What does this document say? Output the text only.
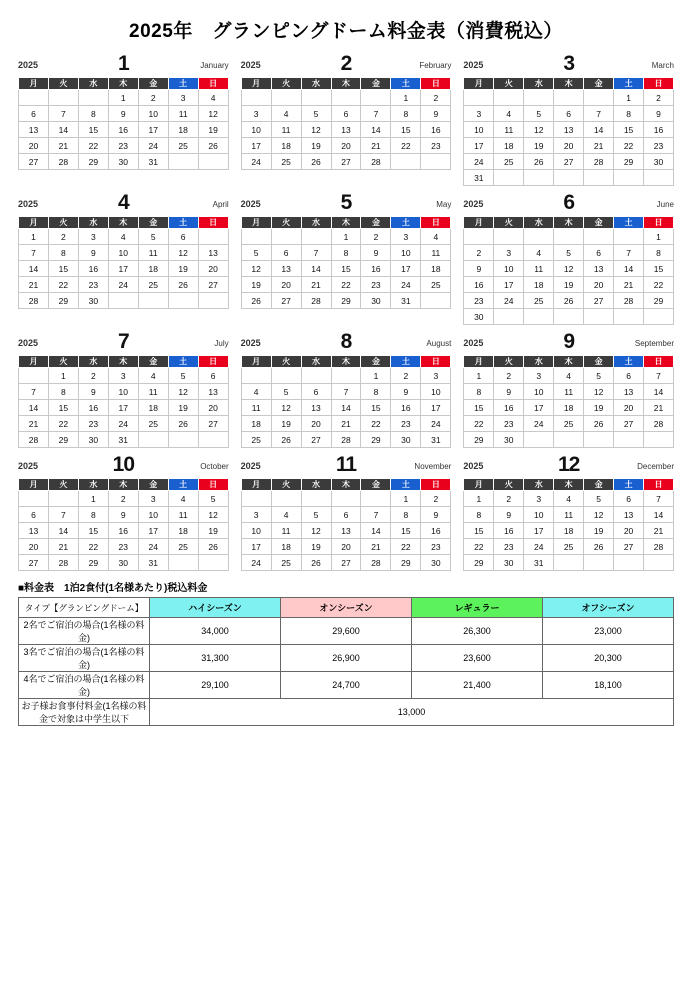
2025年　グランピングドーム料金表（消費税込）
2025	1	January
月	火	水	木	金	土	日
			1	2	3	4
6	7	8	9	10	11	12
13	14	15	16	17	18	19
20	21	22	23	24	25	26
27	28	29	30	31		
2025	2	February
月	火	水	木	金	土	日
					1	2
3	4	5	6	7	8	9
10	11	12	13	14	15	16
17	18	19	20	21	22	23
24	25	26	27	28		
2025	3	March
月	火	水	木	金	土	日
					1	2
3	4	5	6	7	8	9
10	11	12	13	14	15	16
17	18	19	20	21	22	23
24	25	26	27	28	29	30
31						
2025	4	April
月	火	水	木	金	土	日
1	2	3	4	5	6	
7	8	9	10	11	12	13
14	15	16	17	18	19	20
21	22	23	24	25	26	27
28	29	30				
2025	5	May
月	火	水	木	金	土	日
			1	2	3	4
5	6	7	8	9	10	11
12	13	14	15	16	17	18
19	20	21	22	23	24	25
26	27	28	29	30	31	
2025	6	June
月	火	水	木	金	土	日
						1
2	3	4	5	6	7	8
9	10	11	12	13	14	15
16	17	18	19	20	21	22
23	24	25	26	27	28	29
30						
2025	7	July
月	火	水	木	金	土	日
	1	2	3	4	5	6
7	8	9	10	11	12	13
14	15	16	17	18	19	20
21	22	23	24	25	26	27
28	29	30	31			
2025	8	August
月	火	水	木	金	土	日
				1	2	3
4	5	6	7	8	9	10
11	12	13	14	15	16	17
18	19	20	21	22	23	24
25	26	27	28	29	30	31
2025	9	September
月	火	水	木	金	土	日
1	2	3	4	5	6	7
8	9	10	11	12	13	14
15	16	17	18	19	20	21
22	23	24	25	26	27	28
29	30					
2025	10	October
月	火	水	木	金	土	日
		1	2	3	4	5
6	7	8	9	10	11	12
13	14	15	16	17	18	19
20	21	22	23	24	25	26
27	28	29	30	31		
2025	11	November
月	火	水	木	金	土	日
					1	2
3	4	5	6	7	8	9
10	11	12	13	14	15	16
17	18	19	20	21	22	23
24	25	26	27	28	29	30
2025	12	December
月	火	水	木	金	土	日
1	2	3	4	5	6	7
8	9	10	11	12	13	14
15	16	17	18	19	20	21
22	23	24	25	26	27	28
29	30	31				
■料金表　1泊2食付(1名様あたり)税込料金
タイプ【グランピングドーム】	ハイシーズン	オンシーズン	レギュラー	オフシーズン
2名でご宿泊の場合(1名様の料金)	34,000	29,600	26,300	23,000
3名でご宿泊の場合(1名様の料金)	31,300	26,900	23,600	20,300
4名でご宿泊の場合(1名様の料金)	29,100	24,700	21,400	18,100
お子様お食事付料金(1名様の料金で対象は中学生以下	13,000			
